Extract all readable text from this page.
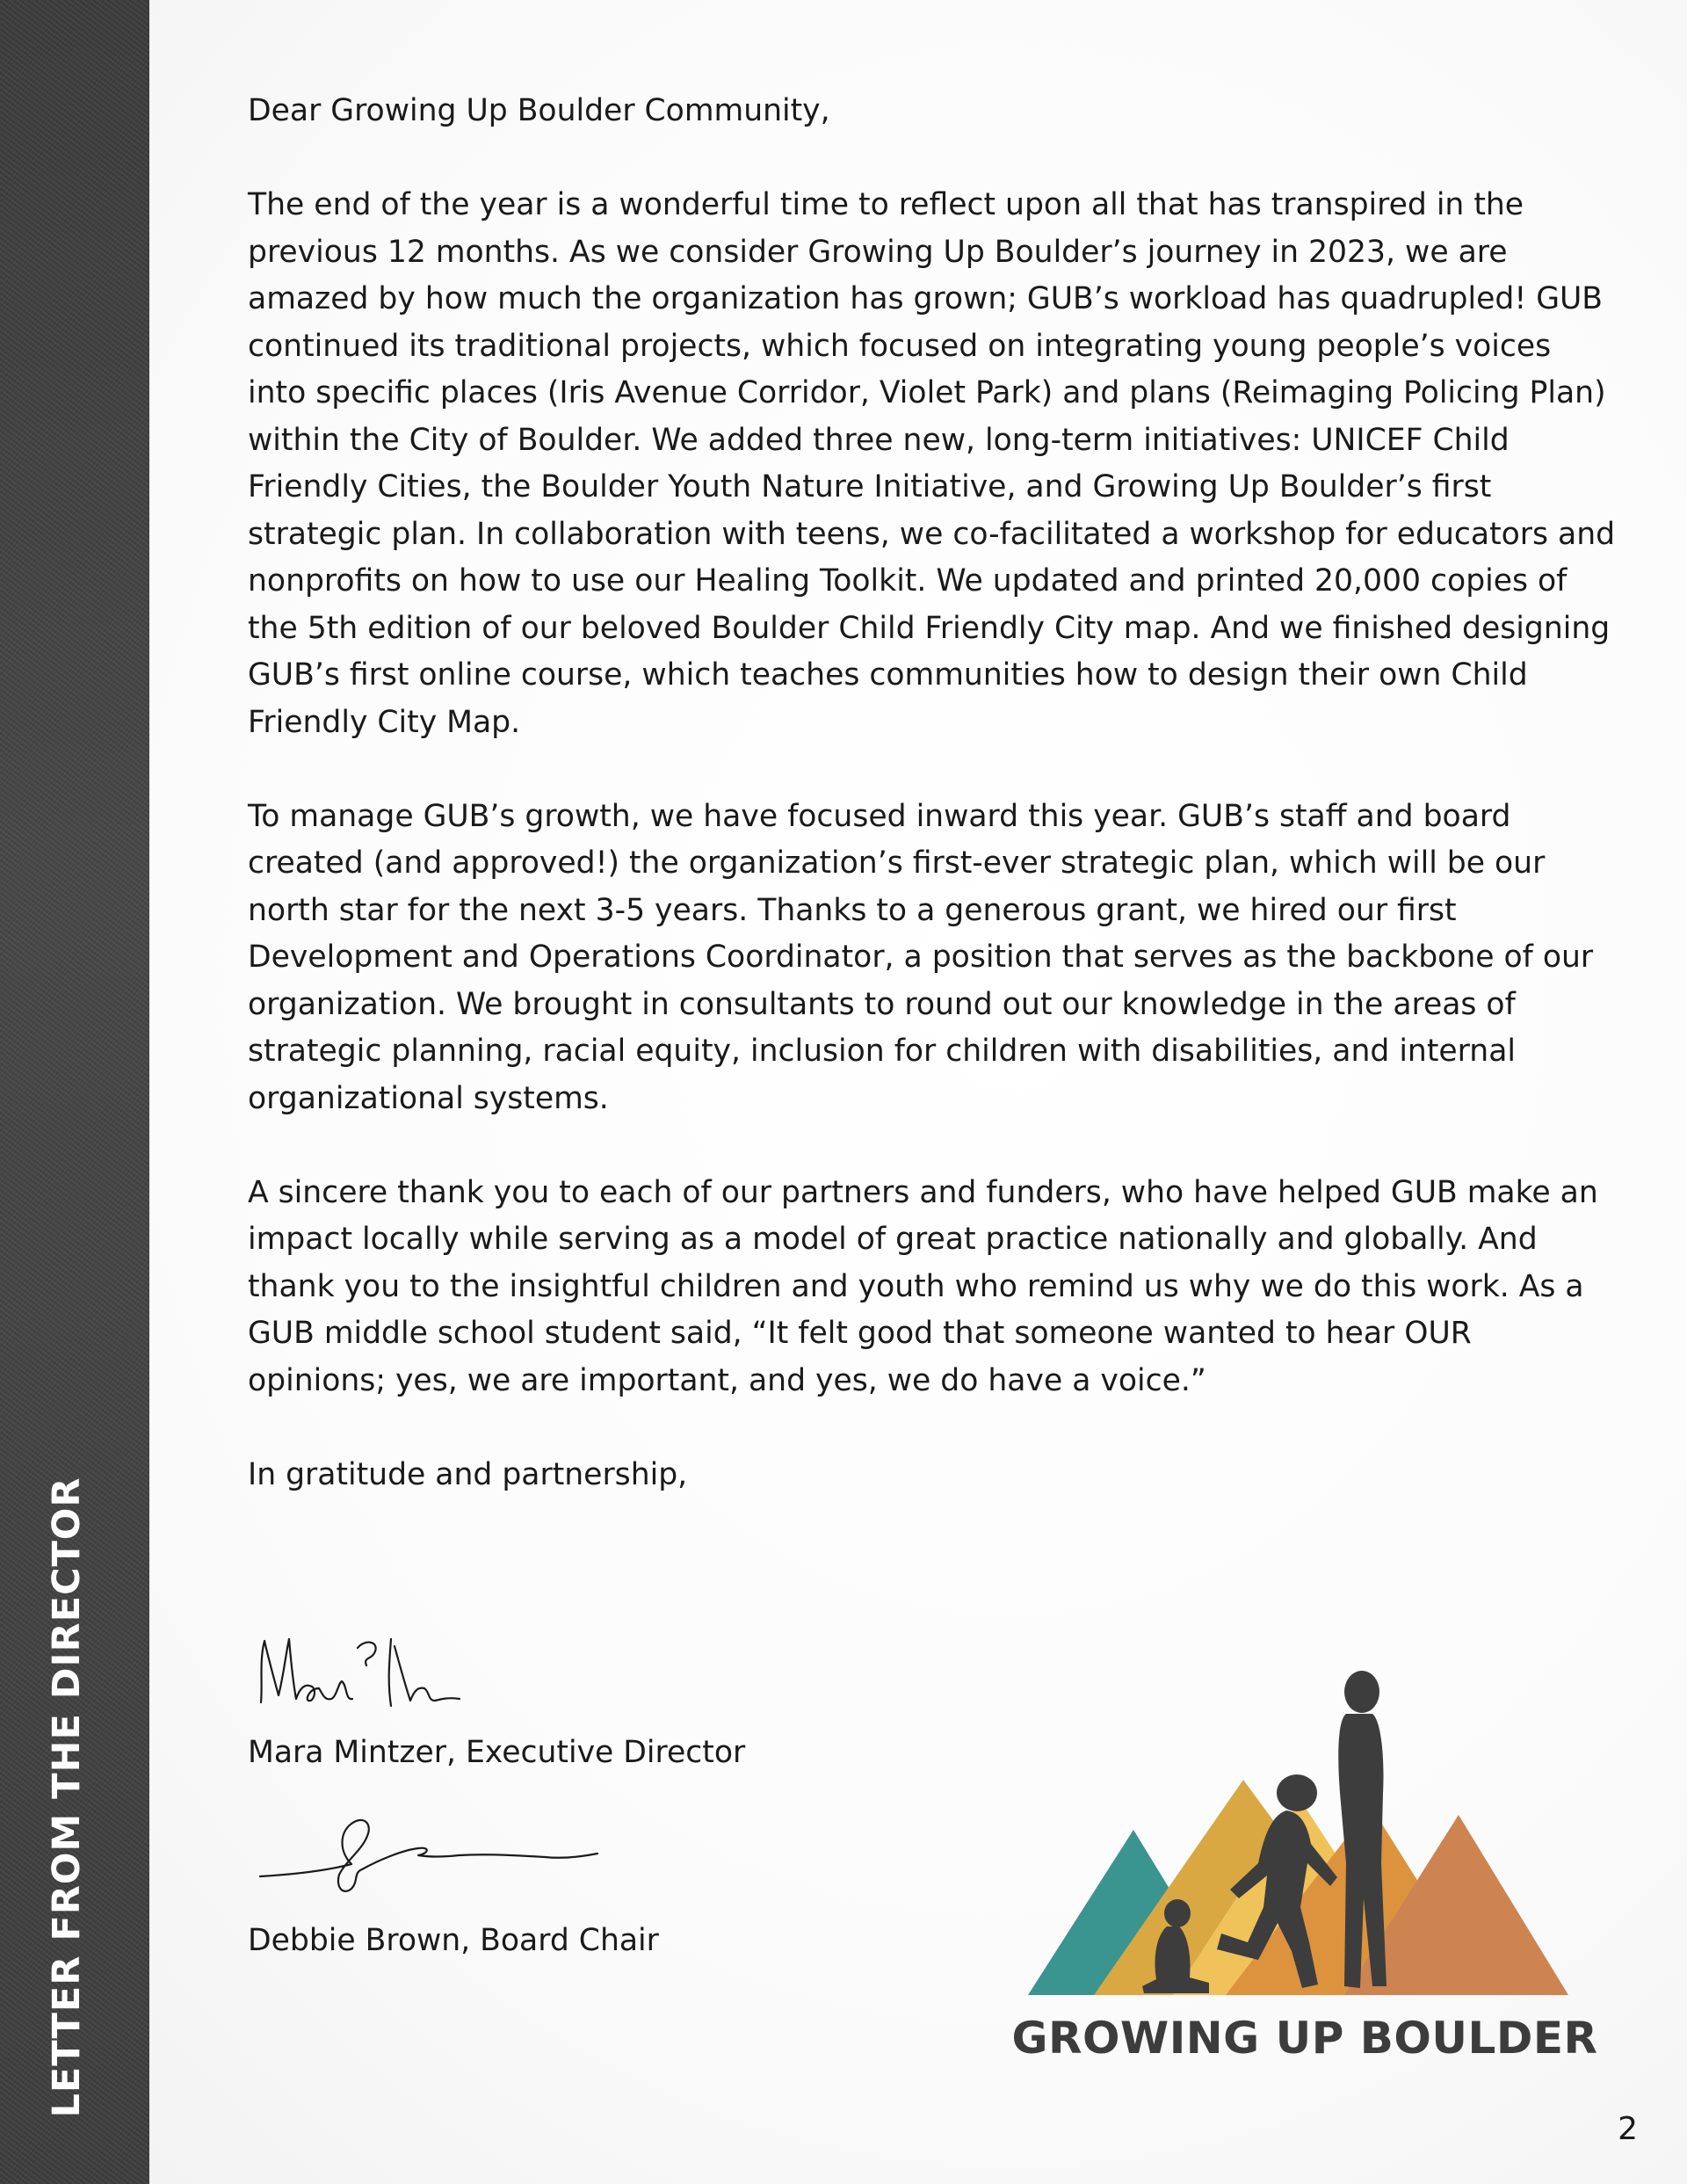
LETTER FROM THE DIRECTOR

Dear Growing Up Boulder Community,

The end of the year is a wonderful time to reflect upon all that has transpired in the previous 12 months. As we consider Growing Up Boulder’s journey in 2023, we are amazed by how much the organization has grown; GUB’s workload has quadrupled! GUB continued its traditional projects, which focused on integrating young people’s voices into specific places (Iris Avenue Corridor, Violet Park) and plans (Reimaging Policing Plan) within the City of Boulder. We added three new, long-term initiatives: UNICEF Child Friendly Cities, the Boulder Youth Nature Initiative, and Growing Up Boulder’s first strategic plan. In collaboration with teens, we co-facilitated a workshop for educators and nonprofits on how to use our Healing Toolkit. We updated and printed 20,000 copies of the 5th edition of our beloved Boulder Child Friendly City map. And we finished designing GUB’s first online course, which teaches communities how to design their own Child Friendly City Map.

To manage GUB’s growth, we have focused inward this year. GUB’s staff and board created (and approved!) the organization’s first-ever strategic plan, which will be our north star for the next 3-5 years. Thanks to a generous grant, we hired our first Development and Operations Coordinator, a position that serves as the backbone of our organization. We brought in consultants to round out our knowledge in the areas of strategic planning, racial equity, inclusion for children with disabilities, and internal organizational systems.

A sincere thank you to each of our partners and funders, who have helped GUB make an impact locally while serving as a model of great practice nationally and globally. And thank you to the insightful children and youth who remind us why we do this work. As a GUB middle school student said, “It felt good that someone wanted to hear OUR opinions; yes, we are important, and yes, we do have a voice.”

In gratitude and partnership,

Mara Mintzer, Executive Director
Debbie Brown, Board Chair
GROWING UP BOULDER
2
